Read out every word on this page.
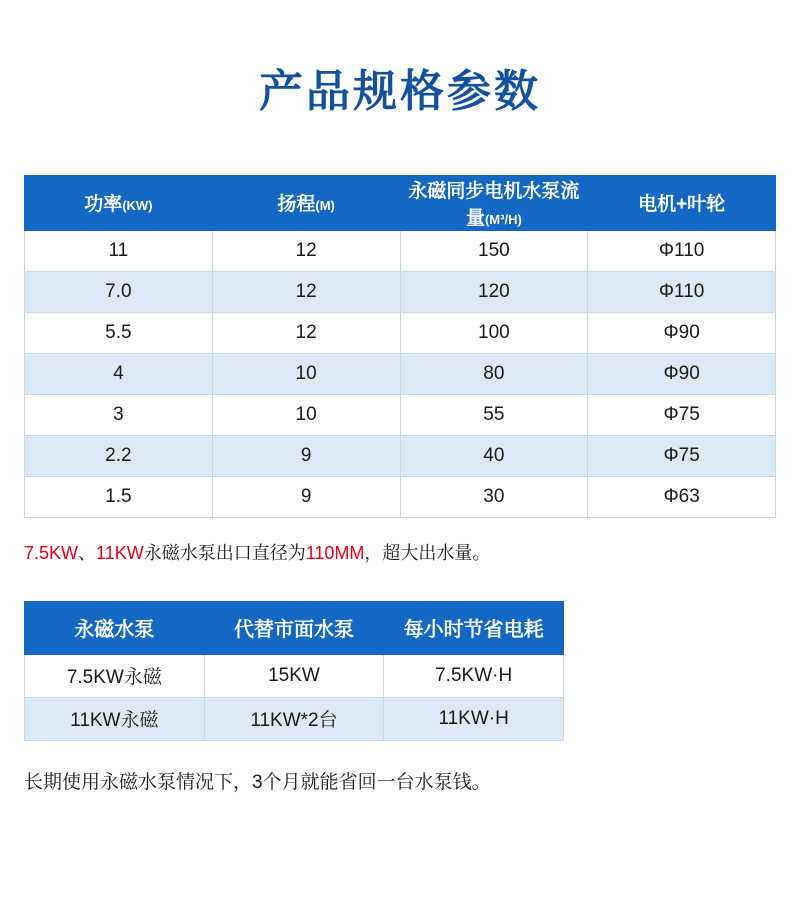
产品规格参数
功率(KW)	扬程(M)	永磁同步电机水泵流量(M³/H)	电机+叶轮
11	12	150	Φ110
7.0	12	120	Φ110
5.5	12	100	Φ90
4	10	80	Φ90
3	10	55	Φ75
2.2	9	40	Φ75
1.5	9	30	Φ63
7.5KW、11KW永磁水泵出口直径为110MM，超大出水量。
永磁水泵	代替市面水泵	每小时节省电耗
7.5KW永磁	15KW	7.5KW·H
11KW永磁	11KW*2台	11KW·H
长期使用永磁水泵情况下，3个月就能省回一台水泵钱。
